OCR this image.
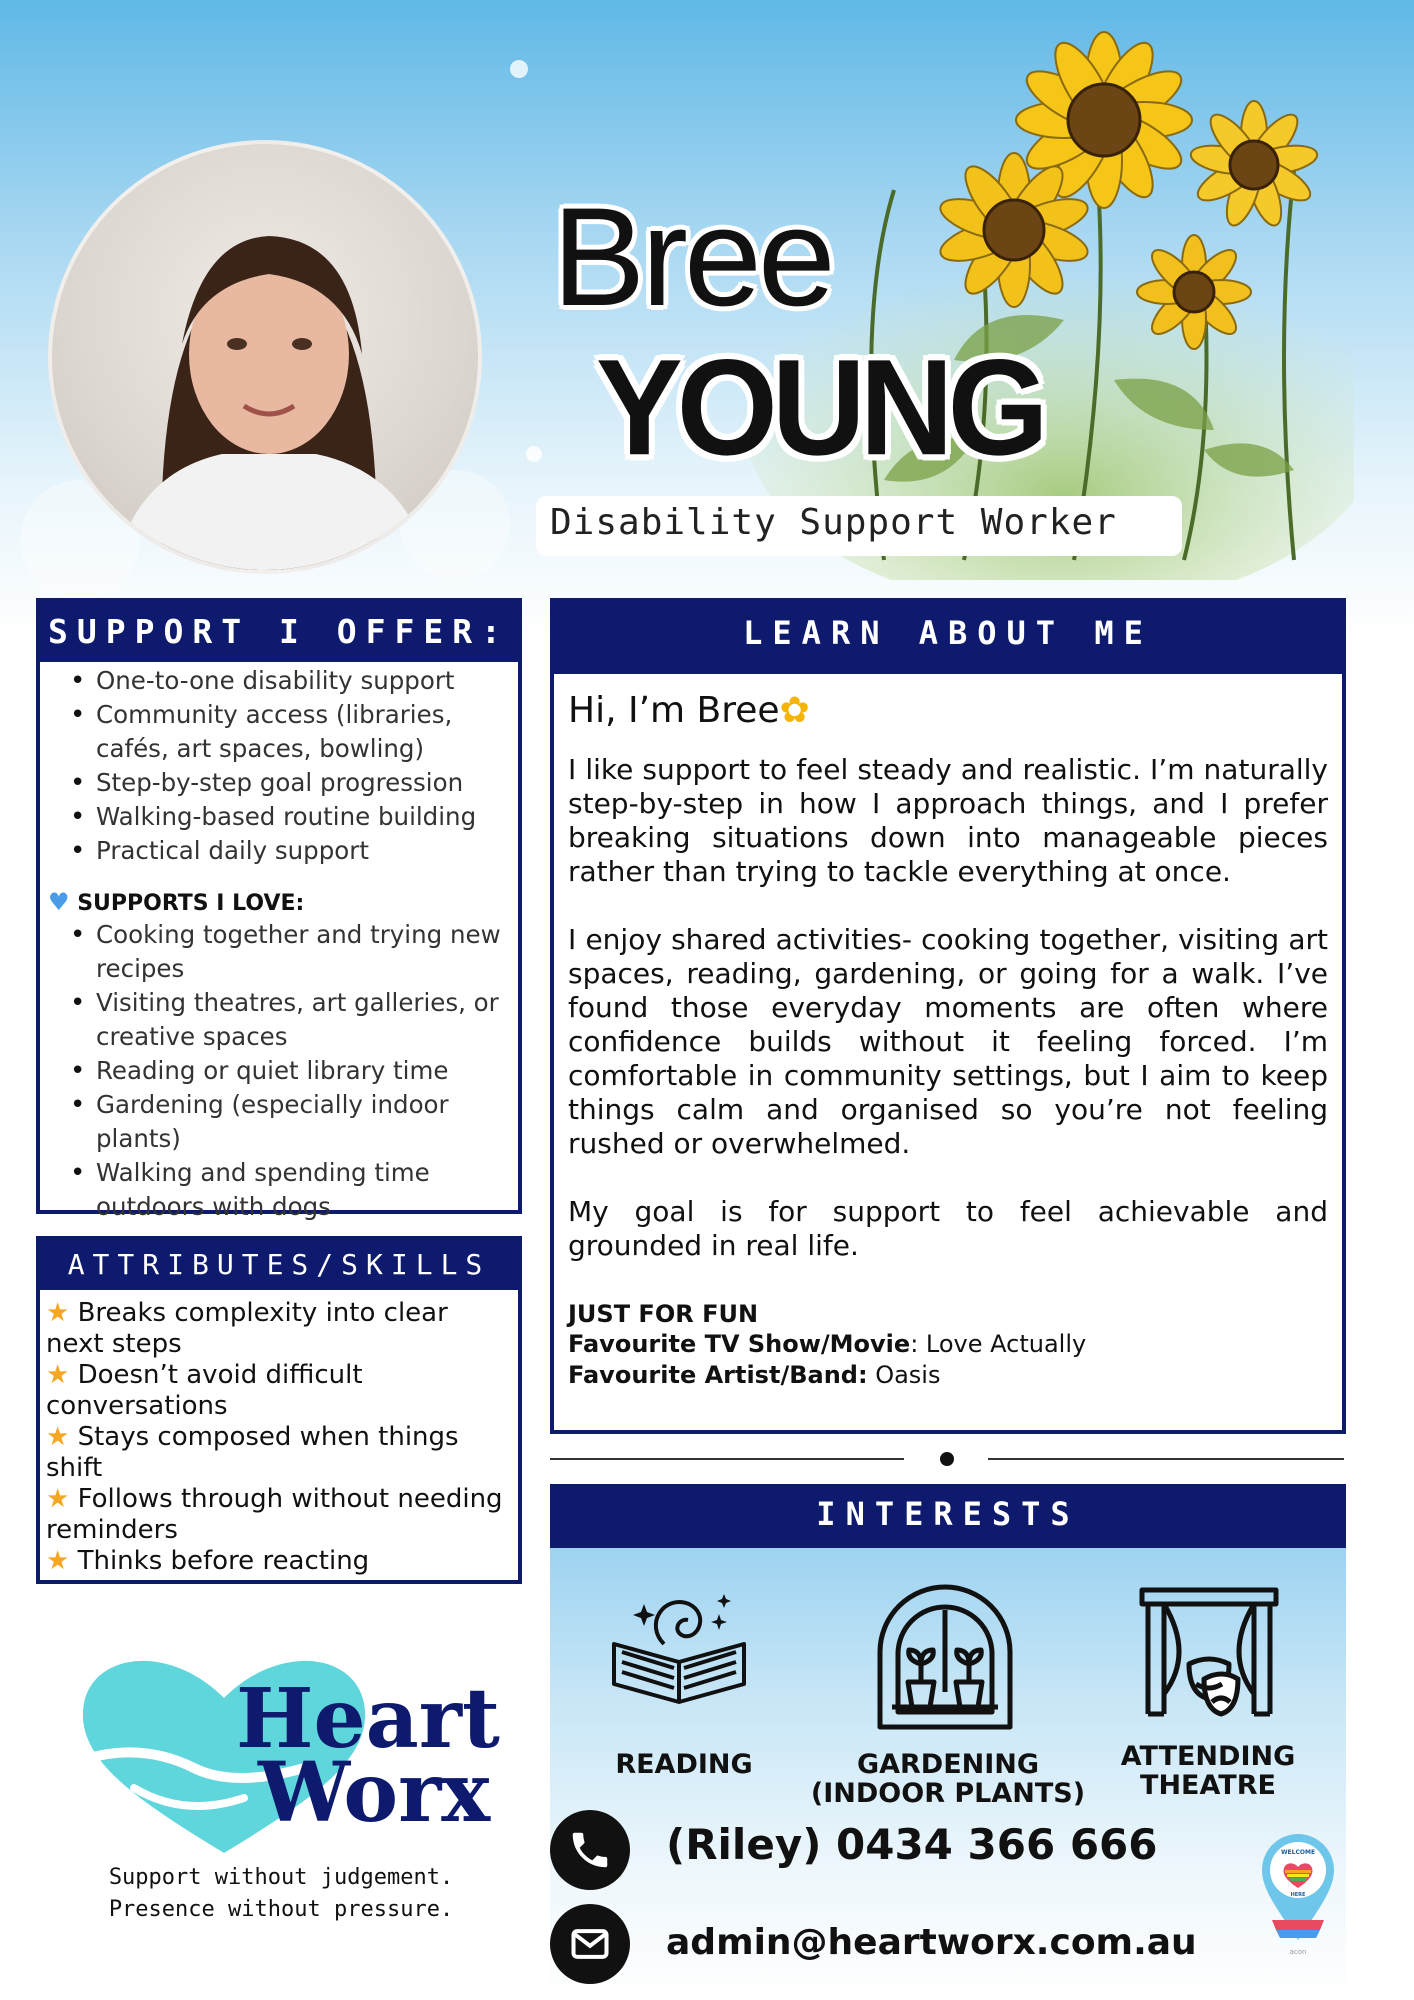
Bree
YOUNG
Disability Support Worker
SUPPORT I OFFER:
• One-to-one disability support
• Community access (libraries, cafés, art spaces, bowling)
• Step-by-step goal progression
• Walking-based routine building
• Practical daily support
♥ SUPPORTS I LOVE:
• Cooking together and trying new recipes
• Visiting theatres, art galleries, or creative spaces
• Reading or quiet library time
• Gardening (especially indoor plants)
• Walking and spending time outdoors with dogs
ATTRIBUTES/SKILLS
★ Breaks complexity into clear next steps
★ Doesn’t avoid difficult conversations
★ Stays composed when things shift
★ Follows through without needing reminders
★ Thinks before reacting
Heart
Worx
Support without judgement.
Presence without pressure.
LEARN ABOUT ME
Hi, I’m Bree✿
I like support to feel steady and realistic. I’m naturally step-by-step in how I approach things, and I prefer breaking situations down into manageable pieces rather than trying to tackle everything at once.
I enjoy shared activities- cooking together, visiting art spaces, reading, gardening, or going for a walk. I’ve found those everyday moments are often where confidence builds without it feeling forced. I’m comfortable in community settings, but I aim to keep things calm and organised so you’re not feeling rushed or overwhelmed.
My goal is for support to feel achievable and grounded in real life.
JUST FOR FUN
Favourite TV Show/Movie: Love Actually
Favourite Artist/Band: Oasis
INTERESTS
READING	GARDENING (INDOOR PLANTS)
ATTENDING THEATRE
(Riley) 0434 366 666
admin@heartworx.com.au
WELCOME
HERE
acon
